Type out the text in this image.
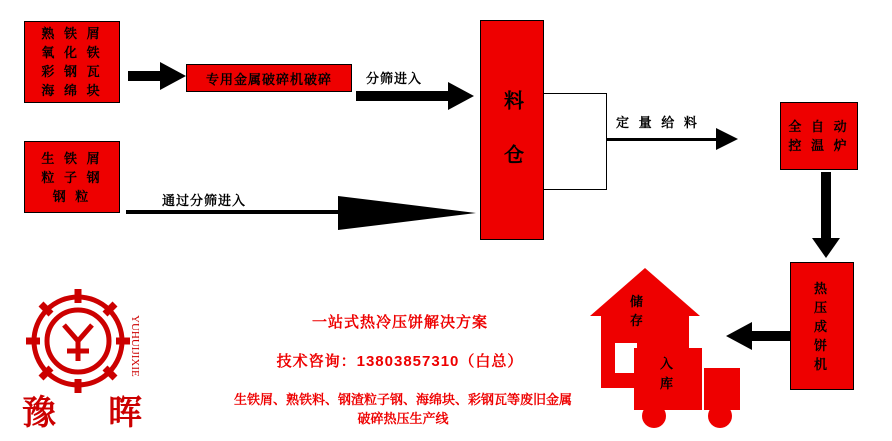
熟 铁 屑
氧 化 铁
彩 钢 瓦
海 绵 块
专用金属破碎机破碎	分筛进入
生 铁 屑
粒 子 钢
钢 粒	通过分筛进入
料 仓	定 量 给 料	全 自 动
控 温 炉
热
压
成
饼
机
储
存
入
库
一站式热冷压饼解决方案
技术咨询：13803857310（白总）
生铁屑、熟铁料、钢渣粒子钢、海绵块、彩钢瓦等废旧金属
破碎热压生产线
YUHUIJIXIE
豫 晖
